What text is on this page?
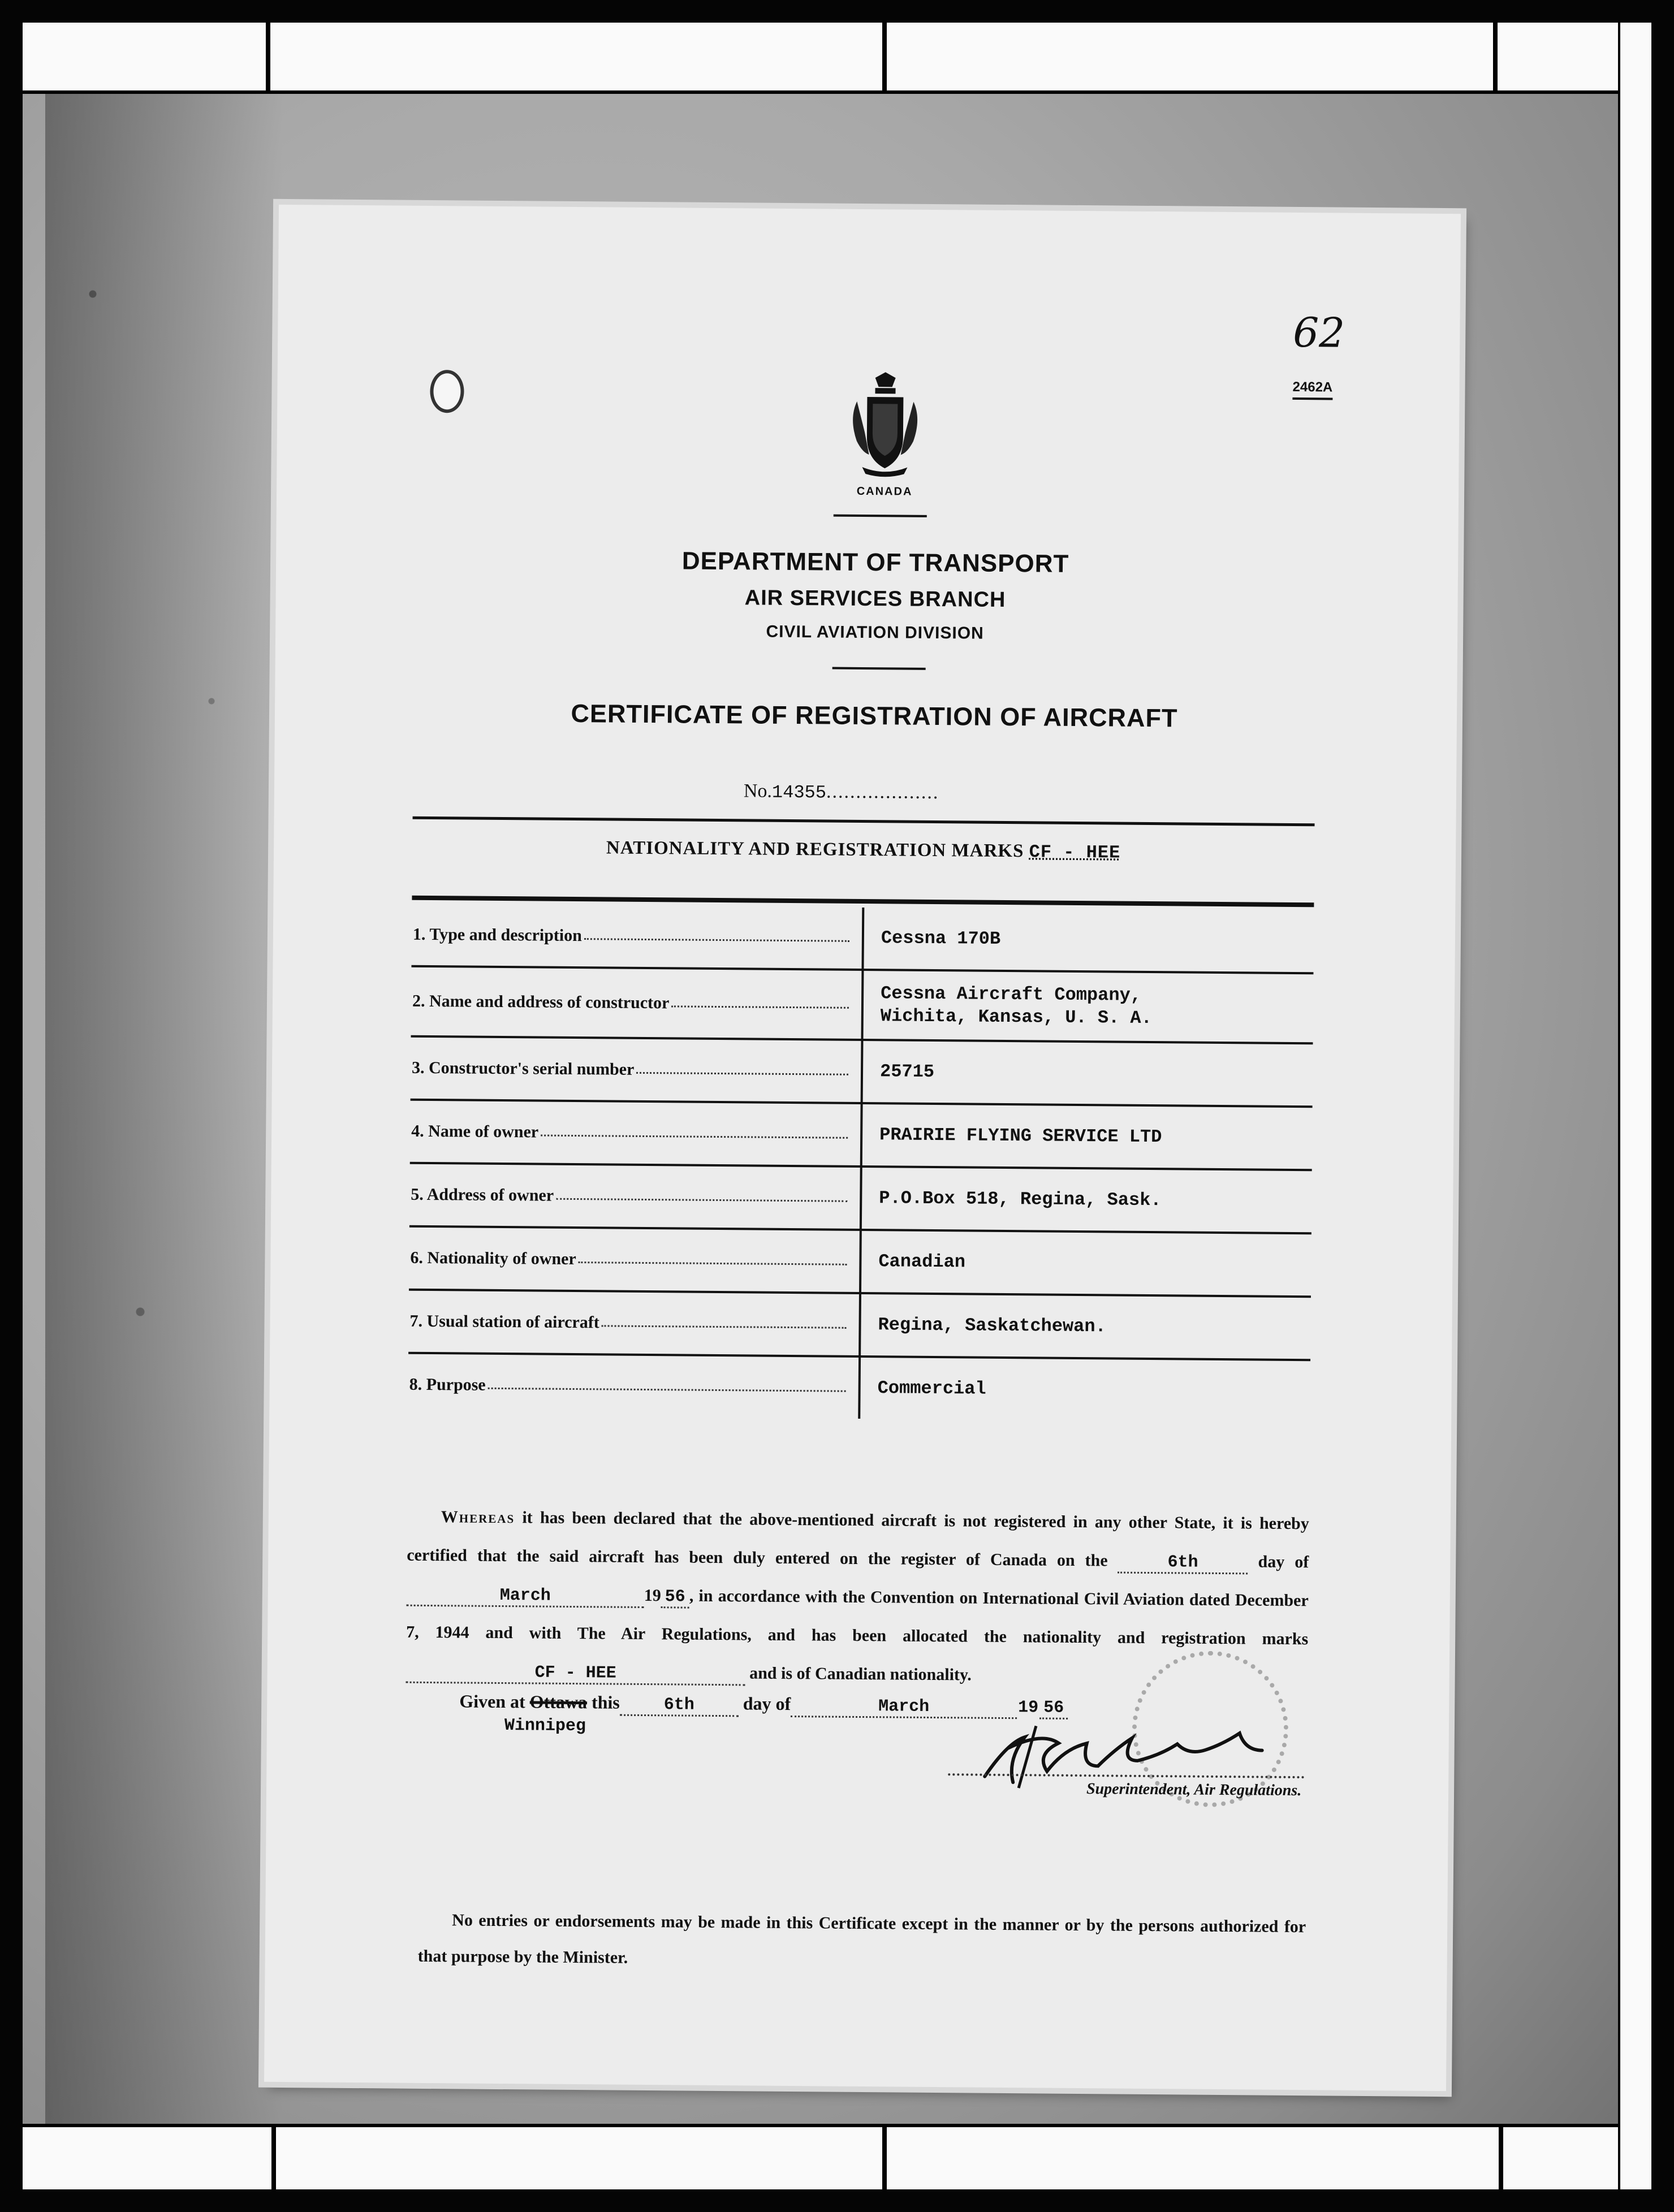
62
2462A
CANADA
DEPARTMENT OF TRANSPORT
AIR SERVICES BRANCH
CIVIL AVIATION DIVISION
CERTIFICATE OF REGISTRATION OF AIRCRAFT
No.14355...................
NATIONALITY AND REGISTRATION MARKS CF - HEE
1. Type and description	Cessna 170B
2. Name and address of constructor	Cessna Aircraft Company,
Wichita, Kansas, U. S. A.
3. Constructor's serial number	25715
4. Name of owner	PRAIRIE FLYING SERVICE LTD
5. Address of owner	P.O.Box 518, Regina, Sask.
6. Nationality of owner	Canadian
7. Usual station of aircraft	Regina, Saskatchewan.
8. Purpose	Commercial
Whereas it has been declared that the above-mentioned aircraft is not registered in any other State, it is hereby certified that the said aircraft has been duly entered on the register of Canada on the	6th	day of March	19 56 , in accordance with the Convention on International Civil Aviation dated December 7, 1944 and with The Air Regulations, and has been allocated the nationality and registration marks CF - HEE	and is of Canadian nationality.
Given at Ottawa this	6th	day of	March	19 56
Winnipeg
Superintendent, Air Regulations.
No entries or endorsements may be made in this Certificate except in the manner or by the persons authorized for that purpose by the Minister.
